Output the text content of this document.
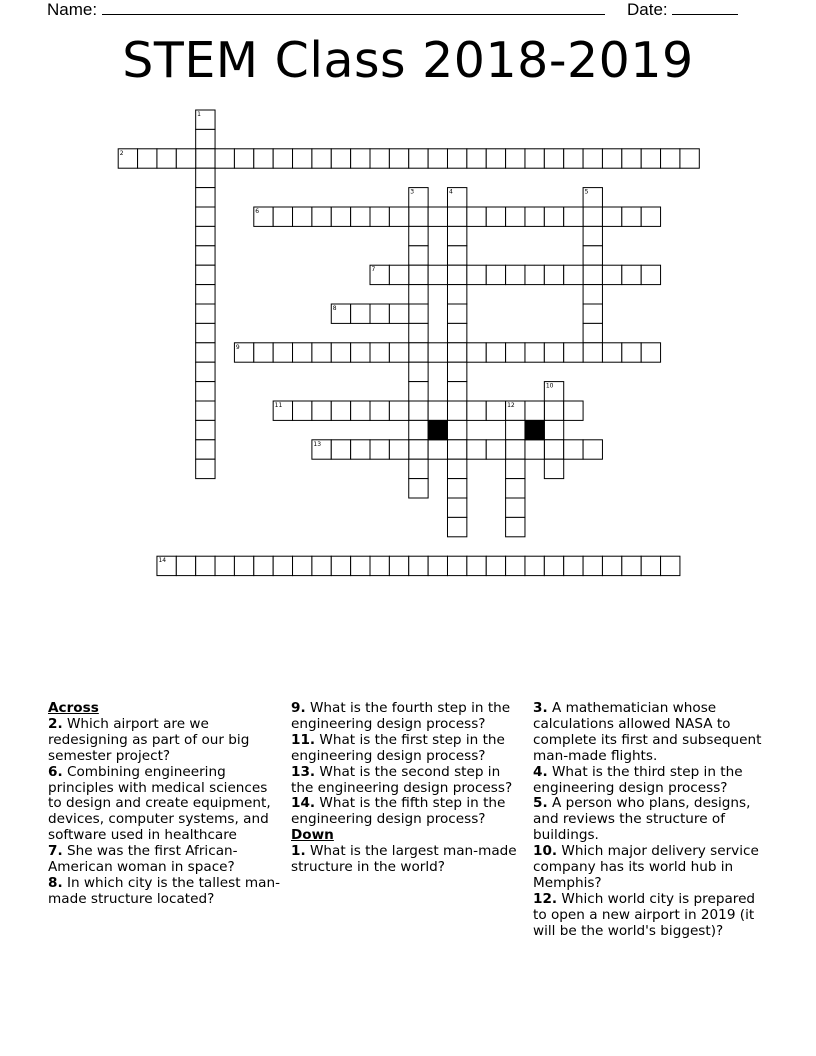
Name:	Date:
STEM Class 2018-2019
1
2
3	4	5
6
7
8
9
10
11	12
13
14
Across
2. Which airport are we redesigning as part of our big semester project?
6. Combining engineering principles with medical sciences to design and create equipment, devices, computer systems, and software used in healthcare
7. She was the first African-American woman in space?
8. In which city is the tallest man-made structure located?
9. What is the fourth step in the engineering design process?
11. What is the first step in the engineering design process?
13. What is the second step in the engineering design process?
14. What is the fifth step in the engineering design process?
Down
1. What is the largest man-made structure in the world?
3. A mathematician whose calculations allowed NASA to complete its first and subsequent man-made flights.
4. What is the third step in the engineering design process?
5. A person who plans, designs, and reviews the structure of buildings.
10. Which major delivery service company has its world hub in Memphis?
12. Which world city is prepared to open a new airport in 2019 (it will be the world's biggest)?
